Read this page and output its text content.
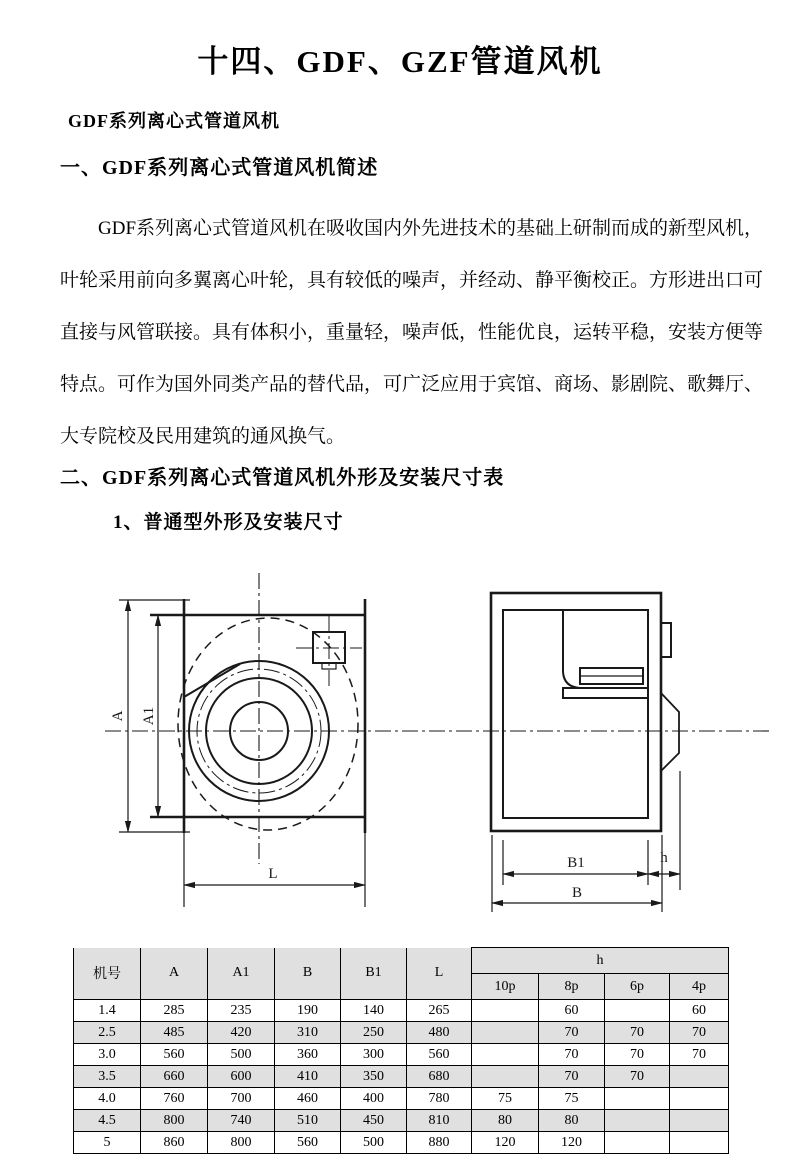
十四、GDF、GZF管道风机
GDF系列离心式管道风机
一、GDF系列离心式管道风机简述
GDF系列离心式管道风机在吸收国内外先进技术的基础上研制而成的新型风机，
叶轮采用前向多翼离心叶轮，具有较低的噪声，并经动、静平衡校正。方形进出口可
直接与风管联接。具有体积小，重量轻，噪声低，性能优良，运转平稳，安装方便等
特点。可作为国外同类产品的替代品，可广泛应用于宾馆、商场、影剧院、歌舞厅、
大专院校及民用建筑的通风换气。
二、GDF系列离心式管道风机外形及安装尺寸表
1、普通型外形及安装尺寸
A A1
L
B1	h
B
机号	A	A1	B	B1	L	h			
						10p	8p	6p	4p
1.4	285	235	190	140	265		60		60
2.5	485	420	310	250	480		70	70	70
3.0	560	500	360	300	560		70	70	70
3.5	660	600	410	350	680		70	70	
4.0	760	700	460	400	780	75	75		
4.5	800	740	510	450	810	80	80		
5	860	800	560	500	880	120	120		
